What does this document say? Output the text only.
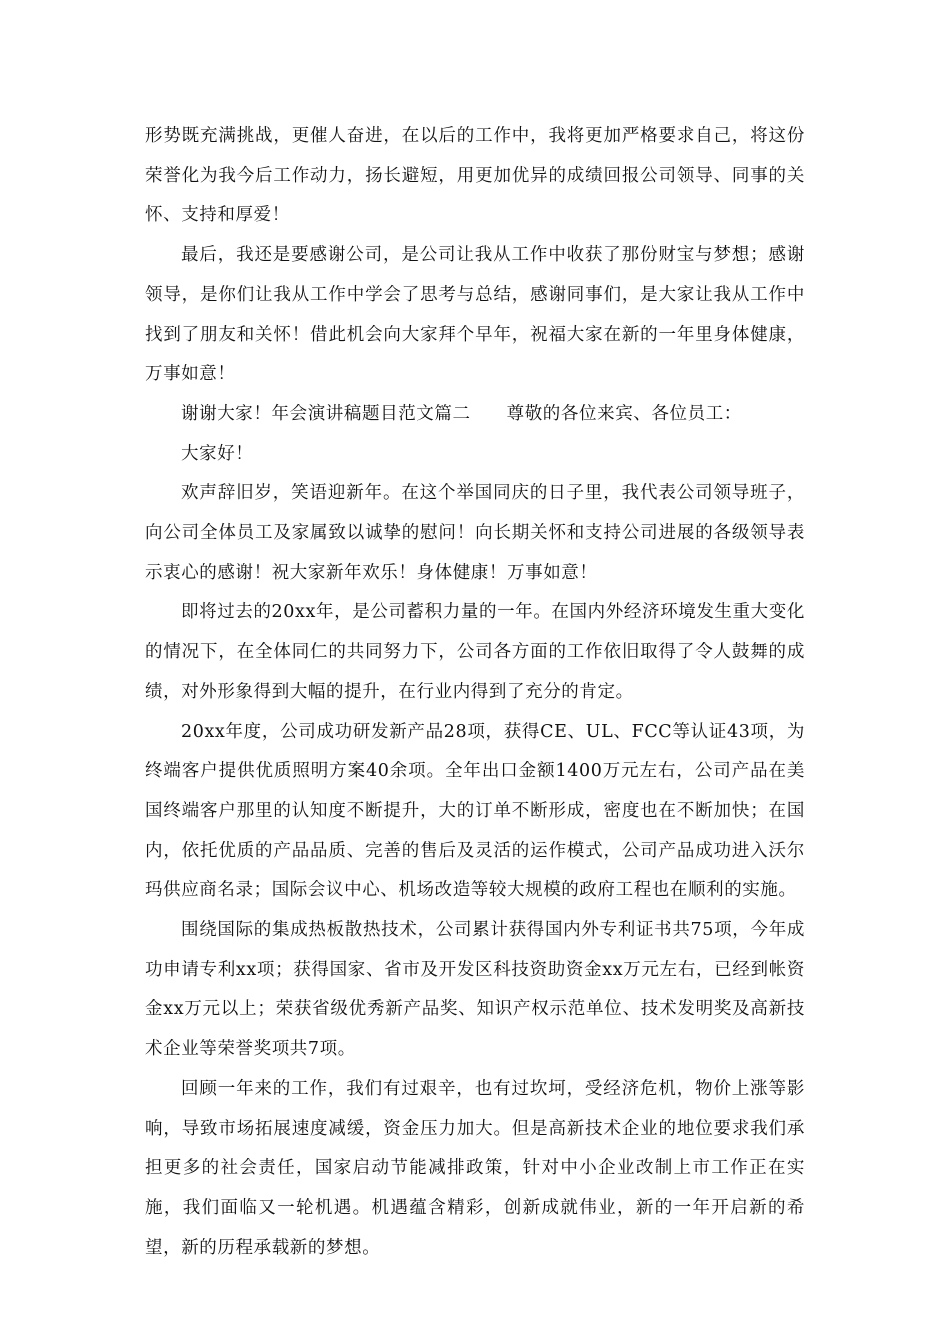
形势既充满挑战，更催人奋进，在以后的工作中，我将更加严格要求自己，将这份荣誉化为我今后工作动力，扬长避短，用更加优异的成绩回报公司领导、同事的关怀、支持和厚爱！

最后，我还是要感谢公司，是公司让我从工作中收获了那份财宝与梦想；感谢领导，是你们让我从工作中学会了思考与总结，感谢同事们，是大家让我从工作中找到了朋友和关怀！借此机会向大家拜个早年，祝福大家在新的一年里身体健康，万事如意！

谢谢大家！年会演讲稿题目范文篇二 尊敬的各位来宾、各位员工：

大家好！

欢声辞旧岁，笑语迎新年。在这个举国同庆的日子里，我代表公司领导班子，向公司全体员工及家属致以诚挚的慰问！向长期关怀和支持公司进展的各级领导表示衷心的感谢！祝大家新年欢乐！身体健康！万事如意！

即将过去的20xx年，是公司蓄积力量的一年。在国内外经济环境发生重大变化的情况下，在全体同仁的共同努力下，公司各方面的工作依旧取得了令人鼓舞的成绩，对外形象得到大幅的提升，在行业内得到了充分的肯定。

20xx年度，公司成功研发新产品28项，获得CE、UL、FCC等认证43项，为终端客户提供优质照明方案40余项。全年出口金额1400万元左右，公司产品在美国终端客户那里的认知度不断提升，大的订单不断形成，密度也在不断加快；在国内，依托优质的产品品质、完善的售后及灵活的运作模式，公司产品成功进入沃尔玛供应商名录；国际会议中心、机场改造等较大规模的政府工程也在顺利的实施。

围绕国际的集成热板散热技术，公司累计获得国内外专利证书共75项，今年成功申请专利xx项；获得国家、省市及开发区科技资助资金xx万元左右，已经到帐资金xx万元以上；荣获省级优秀新产品奖、知识产权示范单位、技术发明奖及高新技术企业等荣誉奖项共7项。

回顾一年来的工作，我们有过艰辛，也有过坎坷，受经济危机，物价上涨等影响，导致市场拓展速度减缓，资金压力加大。但是高新技术企业的地位要求我们承担更多的社会责任，国家启动节能减排政策，针对中小企业改制上市工作正在实施，我们面临又一轮机遇。机遇蕴含精彩，创新成就伟业，新的一年开启新的希望，新的历程承载新的梦想。
